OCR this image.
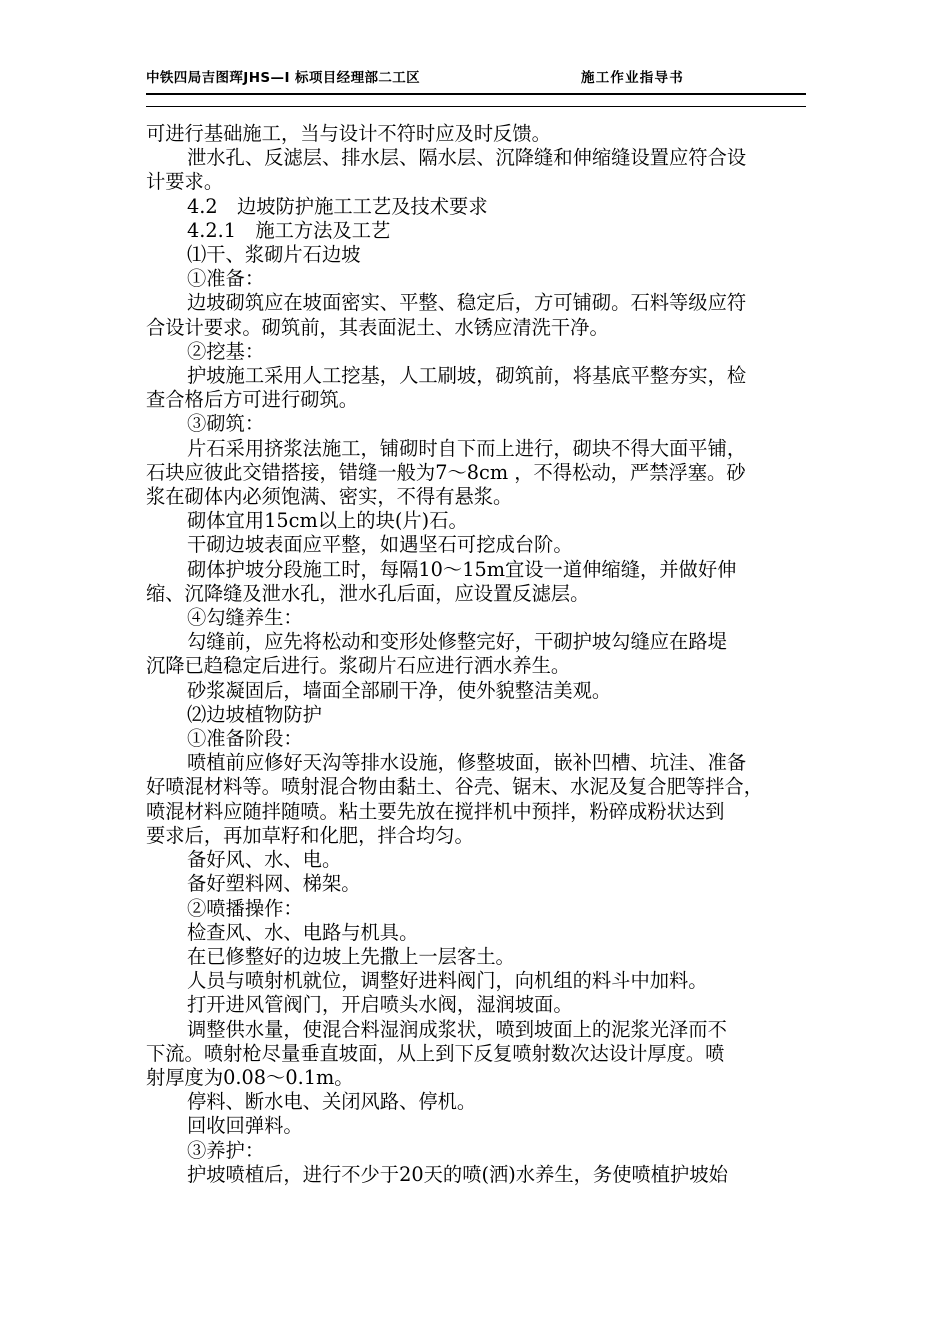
中铁四局吉图珲JHS—Ⅰ 标项目经理部二工区	施工作业指导书

可进行基础施工，当与设计不符时应及时反馈。

泄水孔、反滤层、排水层、隔水层、沉降缝和伸缩缝设置应符合设

计要求。

4.2　边坡防护施工工艺及技术要求

4.2.1　施工方法及工艺

⑴干、浆砌片石边坡

①准备：

边坡砌筑应在坡面密实、平整、稳定后，方可铺砌。石料等级应符

合设计要求。砌筑前，其表面泥土、水锈应清洗干净。

②挖基：

护坡施工采用人工挖基，人工刷坡，砌筑前，将基底平整夯实，检

查合格后方可进行砌筑。

③砌筑：

片石采用挤浆法施工，铺砌时自下而上进行，砌块不得大面平铺，

石块应彼此交错搭接，错缝一般为7～8cm ，不得松动，严禁浮塞。砂

浆在砌体内必须饱满、密实，不得有悬浆。

砌体宜用15cm以上的块(片)石。

干砌边坡表面应平整，如遇坚石可挖成台阶。

砌体护坡分段施工时，每隔10～15m宜设一道伸缩缝，并做好伸

缩、沉降缝及泄水孔，泄水孔后面，应设置反滤层。

④勾缝养生：

勾缝前，应先将松动和变形处修整完好，干砌护坡勾缝应在路堤

沉降已趋稳定后进行。浆砌片石应进行洒水养生。

砂浆凝固后，墙面全部刷干净，使外貌整洁美观。

⑵边坡植物防护

①准备阶段：

喷植前应修好天沟等排水设施，修整坡面，嵌补凹槽、坑洼、准备

好喷混材料等。喷射混合物由黏土、谷壳、锯末、水泥及复合肥等拌合，

喷混材料应随拌随喷。粘土要先放在搅拌机中预拌，粉碎成粉状达到

要求后，再加草籽和化肥，拌合均匀。

备好风、水、电。

备好塑料网、梯架。

②喷播操作：

检查风、水、电路与机具。

在已修整好的边坡上先撒上一层客土。

人员与喷射机就位，调整好进料阀门，向机组的料斗中加料。

打开进风管阀门，开启喷头水阀，湿润坡面。

调整供水量，使混合料湿润成浆状，喷到坡面上的泥浆光泽而不

下流。喷射枪尽量垂直坡面，从上到下反复喷射数次达设计厚度。喷

射厚度为0.08～0.1m。

停料、断水电、关闭风路、停机。

回收回弹料。

③养护：

护坡喷植后，进行不少于20天的喷(洒)水养生，务使喷植护坡始
